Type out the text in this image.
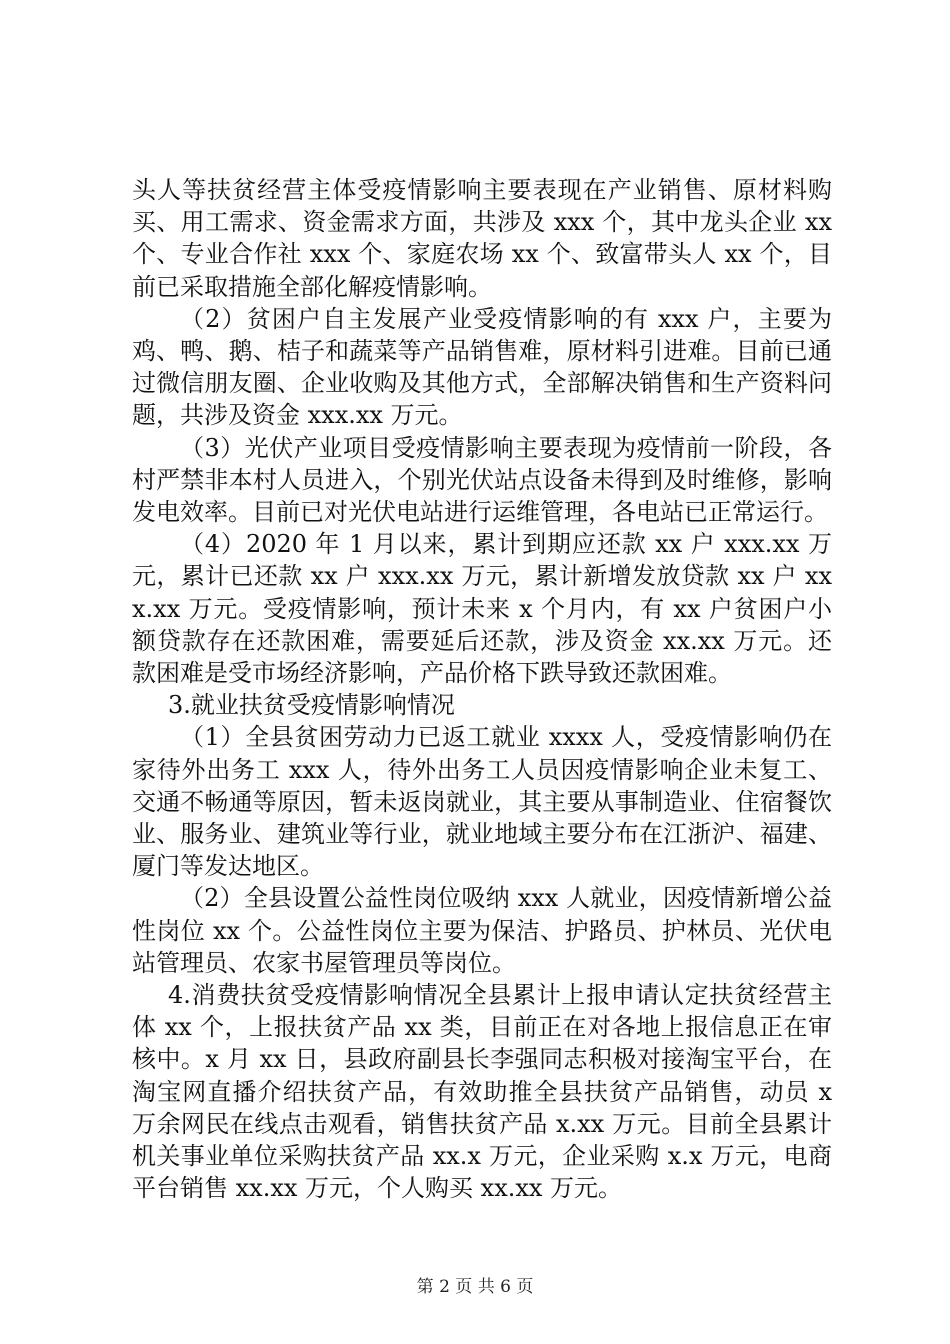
头人等扶贫经营主体受疫情影响主要表现在产业销售、原材料购买、用工需求、资金需求方面，共涉及 xxx 个，其中龙头企业 xx 个、专业合作社 xxx 个、家庭农场 xx 个、致富带头人 xx 个，目前已采取措施全部化解疫情影响。

（2）贫困户自主发展产业受疫情影响的有 xxx 户，主要为鸡、鸭、鹅、桔子和蔬菜等产品销售难，原材料引进难。目前已通过微信朋友圈、企业收购及其他方式，全部解决销售和生产资料问题，共涉及资金 xxx.xx 万元。

（3）光伏产业项目受疫情影响主要表现为疫情前一阶段，各村严禁非本村人员进入，个别光伏站点设备未得到及时维修，影响发电效率。目前已对光伏电站进行运维管理，各电站已正常运行。

（4）2020 年 1 月以来，累计到期应还款 xx 户 xxx.xx 万元，累计已还款 xx 户 xxx.xx 万元，累计新增发放贷款 xx 户 xxx.xx 万元。受疫情影响，预计未来 x 个月内，有 xx 户贫困户小额贷款存在还款困难，需要延后还款，涉及资金 xx.xx 万元。还款困难是受市场经济影响，产品价格下跌导致还款困难。

3.就业扶贫受疫情影响情况

（1）全县贫困劳动力已返工就业 xxxx 人，受疫情影响仍在家待外出务工 xxx 人，待外出务工人员因疫情影响企业未复工、交通不畅通等原因，暂未返岗就业，其主要从事制造业、住宿餐饮业、服务业、建筑业等行业，就业地域主要分布在江浙沪、福建、厦门等发达地区。

（2）全县设置公益性岗位吸纳 xxx 人就业，因疫情新增公益性岗位 xx 个。公益性岗位主要为保洁、护路员、护林员、光伏电站管理员、农家书屋管理员等岗位。

4.消费扶贫受疫情影响情况全县累计上报申请认定扶贫经营主体 xx 个，上报扶贫产品 xx 类，目前正在对各地上报信息正在审核中。x 月 xx 日，县政府副县长李强同志积极对接淘宝平台，在淘宝网直播介绍扶贫产品，有效助推全县扶贫产品销售，动员 x 万余网民在线点击观看，销售扶贫产品 x.xx 万元。目前全县累计机关事业单位采购扶贫产品 xx.x 万元，企业采购 x.x 万元，电商平台销售 xx.xx 万元，个人购买 xx.xx 万元。

第 2 页 共 6 页
